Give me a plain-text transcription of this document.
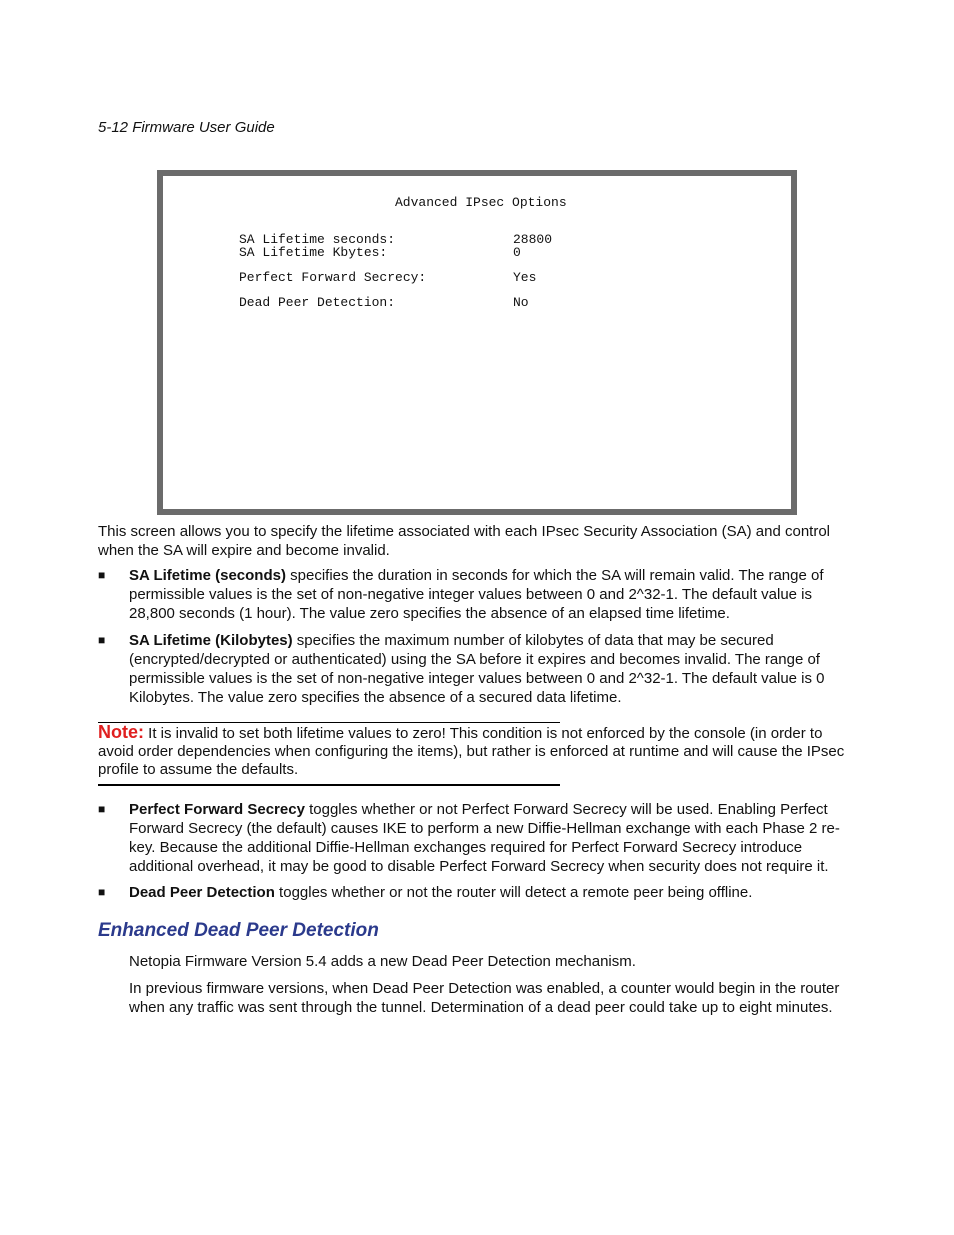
5-12 Firmware User Guide
Advanced IPsec Options
SA Lifetime seconds:	28800
SA Lifetime Kbytes:	0
Perfect Forward Secrecy:	Yes
Dead Peer Detection:	No
This screen allows you to specify the lifetime associated with each IPsec Security Association (SA) and control when the SA will expire and become invalid.
■ SA Lifetime (seconds) specifies the duration in seconds for which the SA will remain valid. The range of permissible values is the set of non-negative integer values between 0 and 2^32-1. The default value is 28,800 seconds (1 hour). The value zero specifies the absence of an elapsed time lifetime.
■ SA Lifetime (Kilobytes) specifies the maximum number of kilobytes of data that may be secured (encrypted/decrypted or authenticated) using the SA before it expires and becomes invalid. The range of permissible values is the set of non-negative integer values between 0 and 2^32-1. The default value is 0 Kilobytes. The value zero specifies the absence of a secured data lifetime.
Note: It is invalid to set both lifetime values to zero! This condition is not enforced by the console (in order to avoid order dependencies when configuring the items), but rather is enforced at runtime and will cause the IPsec profile to assume the defaults.
■ Perfect Forward Secrecy toggles whether or not Perfect Forward Secrecy will be used. Enabling Perfect Forward Secrecy (the default) causes IKE to perform a new Diffie-Hellman exchange with each Phase 2 re-key. Because the additional Diffie-Hellman exchanges required for Perfect Forward Secrecy introduce additional overhead, it may be good to disable Perfect Forward Secrecy when security does not require it.
■ Dead Peer Detection toggles whether or not the router will detect a remote peer being offline.
Enhanced Dead Peer Detection
Netopia Firmware Version 5.4 adds a new Dead Peer Detection mechanism.
In previous firmware versions, when Dead Peer Detection was enabled, a counter would begin in the router when any traffic was sent through the tunnel. Determination of a dead peer could take up to eight minutes.
